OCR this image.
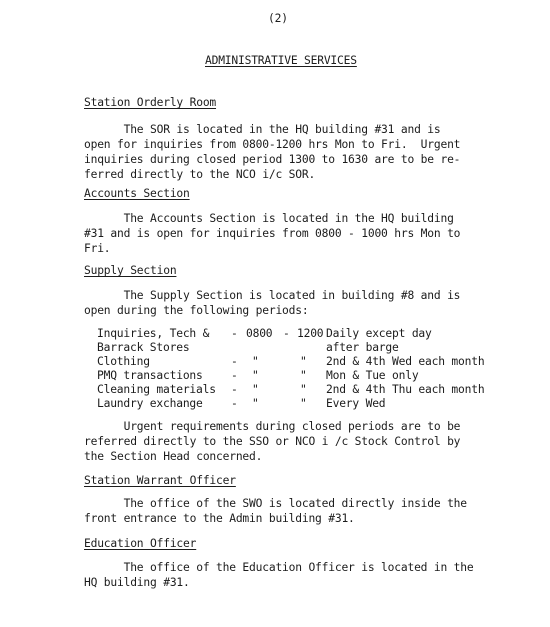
(2)
ADMINISTRATIVE SERVICES
Station Orderly Room
The SOR is located in the HQ building #31 and is
open for inquiries from 0800-1200 hrs Mon to Fri.  Urgent
inquiries during closed period 1300 to 1630 are to be re-
ferred directly to the NCO i/c SOR.
Accounts Section
The Accounts Section is located in the HQ building
#31 and is open for inquiries from 0800 - 1000 hrs Mon to
Fri.
Supply Section
The Supply Section is located in building #8 and is
open during the following periods:
Inquiries, Tech & - 0800 - 1200 Daily except day
Barrack Stores	after barge
Clothing	- "	" 2nd & 4th Wed each month
PMQ transactions	- "	" Mon & Tue only
Cleaning materials - "	" 2nd & 4th Thu each month
Laundry exchange	- "	" Every Wed
Urgent requirements during closed periods are to be
referred directly to the SSO or NCO i /c Stock Control by
the Section Head concerned.
Station Warrant Officer
The office of the SWO is located directly inside the
front entrance to the Admin building #31.
Education Officer
The office of the Education Officer is located in the
HQ building #31.
